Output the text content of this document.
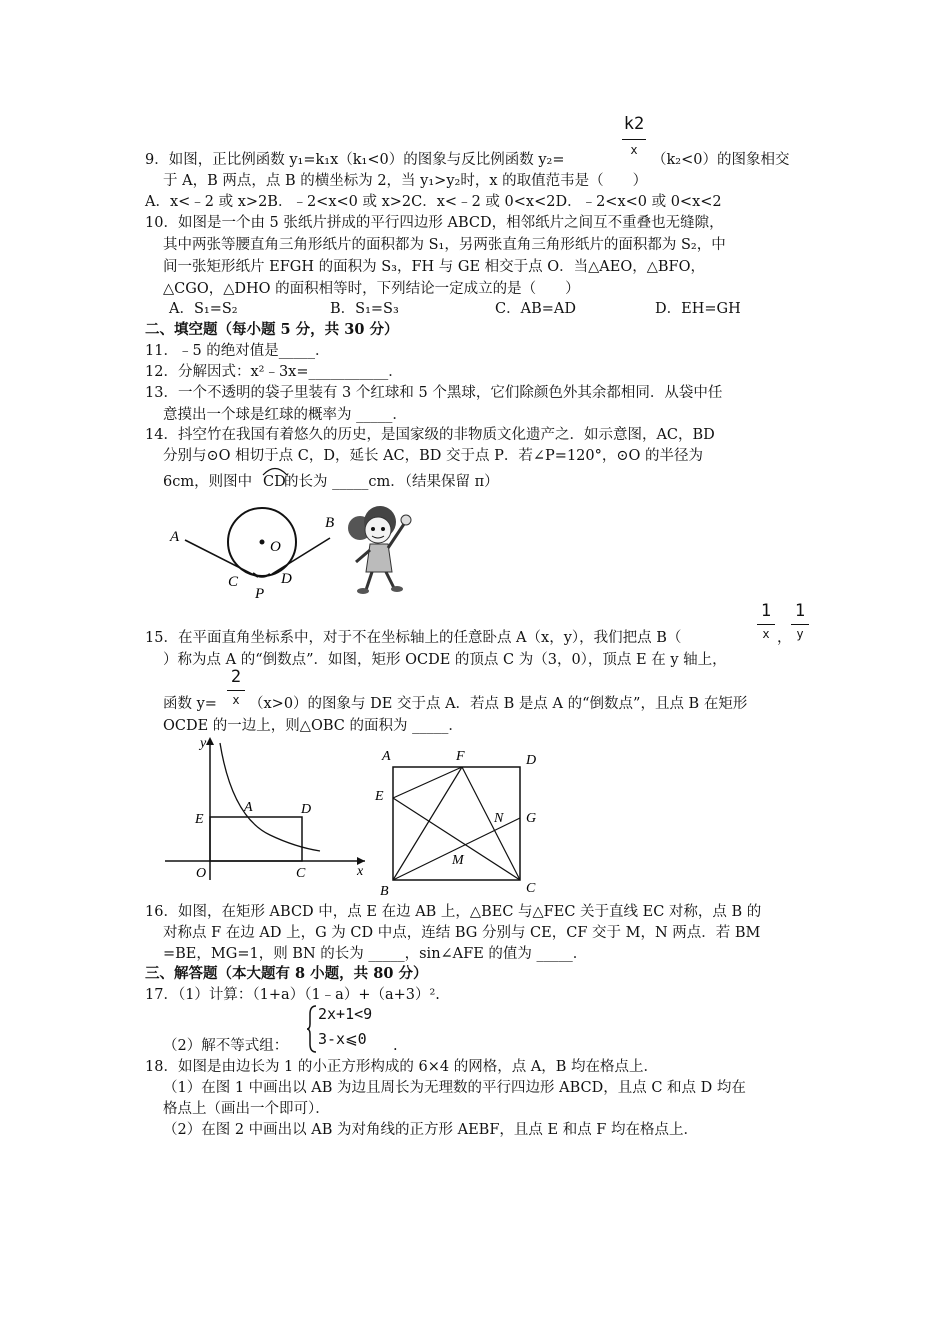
k2
x
9．如图，正比例函数 y₁=k₁x（k₁<0）的图象与反比例函数 y₂=	（k₂<0）的图象相交
于 A，B 两点，点 B 的横坐标为 2，当 y₁>y₂时，x 的取值范韦是（　　）
A．x<﹣2 或 x>2B．﹣2<x<0 或 x>2C．x<﹣2 或 0<x<2D．﹣2<x<0 或 0<x<2
10．如图是一个由 5 张纸片拼成的平行四边形 ABCD，相邻纸片之间互不重叠也无缝隙，
其中两张等腰直角三角形纸片的面积都为 S₁，另两张直角三角形纸片的面积都为 S₂，中
间一张矩形纸片 EFGH 的面积为 S₃，FH 与 GE 相交于点 O．当△AEO，△BFO，
△CGO，△DHO 的面积相等时，下列结论一定成立的是（　　）
A．S₁=S₂	B．S₁=S₃	C．AB=AD	D．EH=GH
二、填空题（每小题 5 分，共 30 分）
11．﹣5 的绝对值是_____．
12．分解因式：x²﹣3x=___________．
13．一个不透明的袋子里装有 3 个红球和 5 个黑球，它们除颜色外其余都相同．从袋中任
意摸出一个球是红球的概率为 _____．
14．抖空竹在我国有着悠久的历史，是国家级的非物质文化遗产之．如示意图，AC，BD
分别与⊙O 相切于点 C，D，延长 AC，BD 交于点 P．若∠P=120°，⊙O 的半径为
6cm，则图中 CD
的长为 _____cm．（结果保留 π）
A
B
O
C	D
P
1
x
1
y
15．在平面直角坐标系中，对于不在坐标轴上的任意卧点 A（x，y），我们把点 B（	，
）称为点 A 的“倒数点”．如图，矩形 OCDE 的顶点 C 为（3，0），顶点 E 在 y 轴上，
2
x
函数 y= （x>0）的图象与 DE 交于点 A．若点 B 是点 A 的“倒数点”，且点 B 在矩形
OCDE 的一边上，则△OBC 的面积为 _____．
y
x
E
A	D
O	C
A	F	D
E
G
N
M
B	C
16．如图，在矩形 ABCD 中，点 E 在边 AB 上，△BEC 与△FEC 关于直线 EC 对称，点 B 的
对称点 F 在边 AD 上，G 为 CD 中点，连结 BG 分别与 CE，CF 交于 M，N 两点．若 BM
=BE，MG=1，则 BN 的长为 _____，sin∠AFE 的值为 _____．
三、解答题（本大题有 8 小题，共 80 分）
17．（1）计算：（1+a）（1﹣a）+（a+3）².
2x+1<9
3-x⩽0
（2）解不等式组：	.
18．如图是由边长为 1 的小正方形构成的 6×4 的网格，点 A，B 均在格点上．
（1）在图 1 中画出以 AB 为边且周长为无理数的平行四边形 ABCD，且点 C 和点 D 均在
格点上（画出一个即可）．
（2）在图 2 中画出以 AB 为对角线的正方形 AEBF，且点 E 和点 F 均在格点上．
